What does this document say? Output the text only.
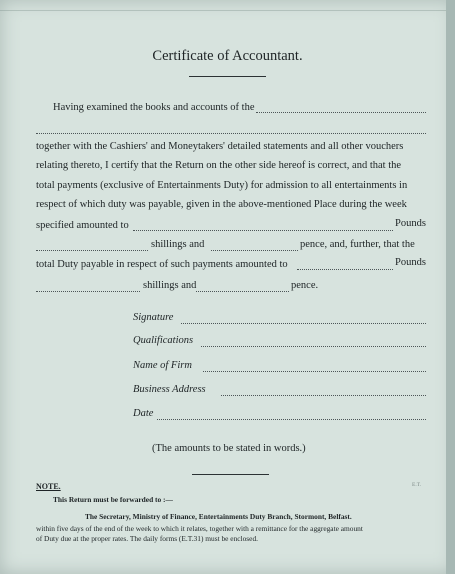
Certificate of Accountant.
Having examined the books and accounts of the
together with the Cashiers' and Moneytakers' detailed statements and all other vouchers
relating thereto, I certify that the Return on the other side hereof is correct, and that the
total payments (exclusive of Entertainments Duty) for admission to all entertainments in
respect of which duty was payable, given in the above-mentioned Place during the week
specified amounted to	Pounds
shillings and	pence, and, further, that the
total Duty payable in respect of such payments amounted to	Pounds
shillings and	pence.
Signature
Qualifications
Name of Firm
Business Address
Date
(The amounts to be stated in words.)
NOTE.
This Return must be forwarded to :—
The Secretary, Ministry of Finance, Entertainments Duty Branch, Stormont, Belfast.
within five days of the end of the week to which it relates, together with a remittance for the aggregate amount
of Duty due at the proper rates. The daily forms (E.T.31) must be enclosed.
E.T.
